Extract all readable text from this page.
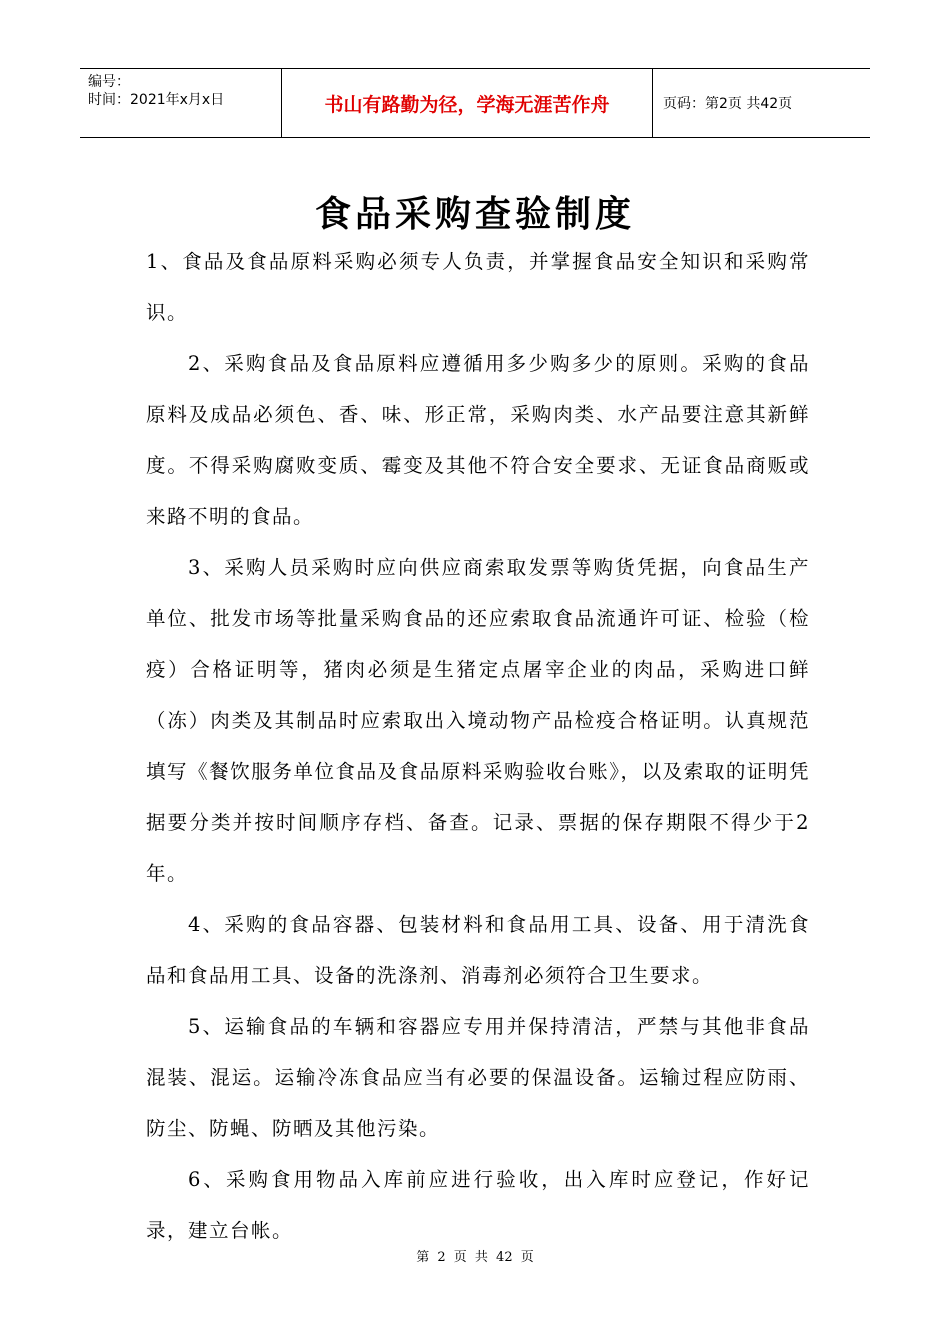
编号：
时间：2021年x月x日	书山有路勤为径，学海无涯苦作舟	页码：第2页 共42页
食品采购查验制度

1、食品及食品原料采购必须专人负责，并掌握食品安全知识和采购常识。

2、采购食品及食品原料应遵循用多少购多少的原则。采购的食品原料及成品必须色、香、味、形正常，采购肉类、水产品要注意其新鲜度。不得采购腐败变质、霉变及其他不符合安全要求、无证食品商贩或来路不明的食品。

3、采购人员采购时应向供应商索取发票等购货凭据，向食品生产单位、批发市场等批量采购食品的还应索取食品流通许可证、检验（检疫）合格证明等，猪肉必须是生猪定点屠宰企业的肉品，采购进口鲜（冻）肉类及其制品时应索取出入境动物产品检疫合格证明。认真规范填写《餐饮服务单位食品及食品原料采购验收台账》，以及索取的证明凭据要分类并按时间顺序存档、备查。记录、票据的保存期限不得少于2年。

4、采购的食品容器、包装材料和食品用工具、设备、用于清洗食品和食品用工具、设备的洗涤剂、消毒剂必须符合卫生要求。

5、运输食品的车辆和容器应专用并保持清洁，严禁与其他非食品混装、混运。运输冷冻食品应当有必要的保温设备。运输过程应防雨、防尘、防蝇、防晒及其他污染。

6、采购食用物品入库前应进行验收，出入库时应登记，作好记录，建立台帐。

第 2 页 共 42 页
